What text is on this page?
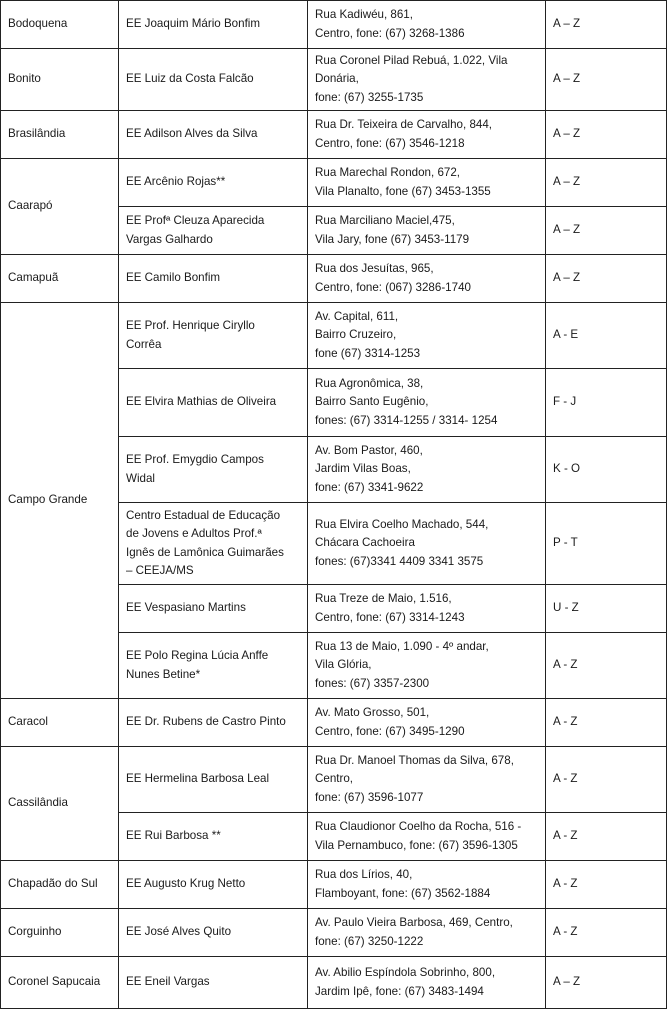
Bodoquena	EE Joaquim Mário Bonfim	Rua Kadiwéu, 861,
Centro, fone: (67) 3268-1386	A – Z
Bonito	EE Luiz da Costa Falcão	Rua Coronel Pilad Rebuá, 1.022, Vila
Donária,
fone: (67) 3255-1735	A – Z
Brasilândia	EE Adilson Alves da Silva	Rua Dr. Teixeira de Carvalho, 844,
Centro, fone: (67) 3546-1218	A – Z
Caarapó	EE Arcênio Rojas**	Rua Marechal Rondon, 672,
Vila Planalto, fone (67) 3453-1355	A – Z

	EE Profª Cleuza Aparecida
Vargas Galhardo	Rua Marciliano Maciel,475,
Vila Jary, fone (67) 3453-1179	A – Z
Camapuã	EE Camilo Bonfim	Rua dos Jesuítas, 965,
Centro, fone: (067) 3286-1740	A – Z
Campo Grande	EE Prof. Henrique Ciryllo
Corrêa	Av. Capital, 611,
Bairro Cruzeiro,
fone (67) 3314-1253	A - E

	EE Elvira Mathias de Oliveira	Rua Agronômica, 38,
Bairro Santo Eugênio,
fones: (67) 3314-1255 / 3314- 1254	F - J

	EE Prof. Emygdio Campos
Widal	Av. Bom Pastor, 460,
Jardim Vilas Boas,
fone: (67) 3341-9622	K - O

	Centro Estadual de Educação
de Jovens e Adultos Prof.ª
Ignês de Lamônica Guimarães
– CEEJA/MS	Rua Elvira Coelho Machado, 544,
Chácara Cachoeira
fones: (67)3341 4409 3341 3575	P - T

	EE Vespasiano Martins	Rua Treze de Maio, 1.516,
Centro, fone: (67) 3314-1243	U - Z

	EE Polo Regina Lúcia Anffe
Nunes Betine*	Rua 13 de Maio, 1.090 - 4º andar,
Vila Glória,
fones: (67) 3357-2300	A - Z
Caracol	EE Dr. Rubens de Castro Pinto	Av. Mato Grosso, 501,
Centro, fone: (67) 3495-1290	A - Z
Cassilândia	EE Hermelina Barbosa Leal	Rua Dr. Manoel Thomas da Silva, 678,
Centro,
fone: (67) 3596-1077	A - Z

	EE Rui Barbosa **	Rua Claudionor Coelho da Rocha, 516 -
Vila Pernambuco, fone: (67) 3596-1305	A - Z
Chapadão do Sul	EE Augusto Krug Netto	Rua dos Lírios, 40,
Flamboyant, fone: (67) 3562-1884	A - Z
Corguinho	EE José Alves Quito	Av. Paulo Vieira Barbosa, 469, Centro,
fone: (67) 3250-1222	A - Z
Coronel Sapucaia	EE Eneil Vargas	Av. Abilio Espíndola Sobrinho, 800,
Jardim Ipê, fone: (67) 3483-1494	A – Z
